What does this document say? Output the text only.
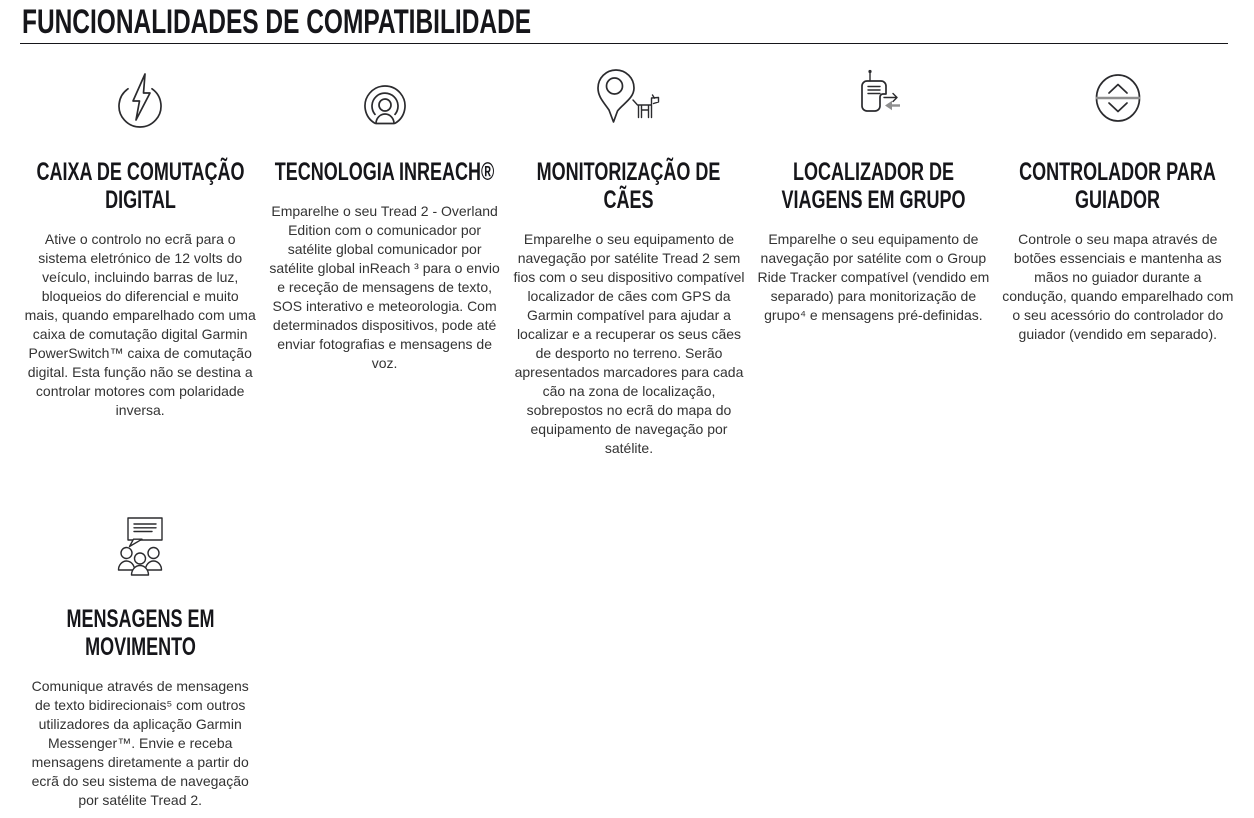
FUNCIONALIDADES DE COMPATIBILIDADE
CAIXA DE COMUTAÇÃO DIGITAL

Ative o controlo no ecrã para o sistema eletrónico de 12 volts do veículo, incluindo barras de luz, bloqueios do diferencial e muito mais, quando emparelhado com uma caixa de comutação digital Garmin PowerSwitch™ caixa de comutação digital. Esta função não se destina a controlar motores com polaridade inversa.

TECNOLOGIA INREACH®

Emparelhe o seu Tread 2 - Overland Edition com o comunicador por satélite global comunicador por satélite global inReach ³ para o envio e receção de mensagens de texto, SOS interativo e meteorologia. Com determinados dispositivos, pode até enviar fotografias e mensagens de voz.

MONITORIZAÇÃO DE CÃES

Emparelhe o seu equipamento de navegação por satélite Tread 2 sem fios com o seu dispositivo compatível localizador de cães com GPS da Garmin compatível para ajudar a localizar e a recuperar os seus cães de desporto no terreno. Serão apresentados marcadores para cada cão na zona de localização, sobrepostos no ecrã do mapa do equipamento de navegação por satélite.

LOCALIZADOR DE VIAGENS EM GRUPO

Emparelhe o seu equipamento de navegação por satélite com o Group Ride Tracker compatível (vendido em separado) para monitorização de grupo⁴ e mensagens pré-definidas.

CONTROLADOR PARA GUIADOR

Controle o seu mapa através de botões essenciais e mantenha as mãos no guiador durante a condução, quando emparelhado com o seu acessório do controlador do guiador (vendido em separado).

MENSAGENS EM MOVIMENTO

Comunique através de mensagens de texto bidirecionais⁵ com outros utilizadores da aplicação Garmin Messenger™. Envie e receba mensagens diretamente a partir do ecrã do seu sistema de navegação por satélite Tread 2.
